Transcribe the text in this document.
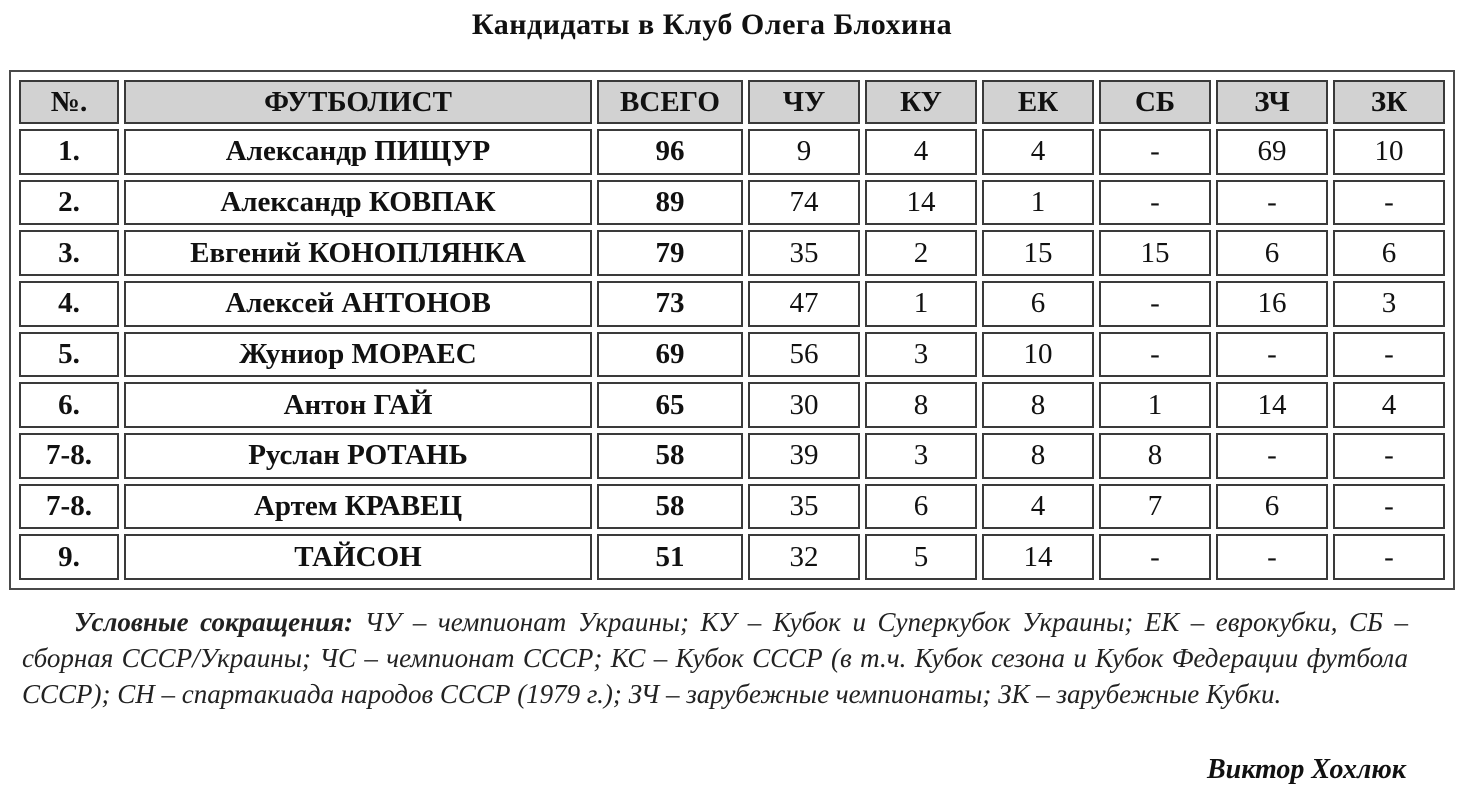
Кандидаты в Клуб Олега Блохина
№.	ФУТБОЛИСТ	ВСЕГО	ЧУ	КУ	ЕК	СБ	ЗЧ	ЗК
1.	Александр ПИЩУР	96	9	4	4	-	69	10
2.	Александр КОВПАК	89	74	14	1	-	-	-
3.	Евгений КОНОПЛЯНКА	79	35	2	15	15	6	6
4.	Алексей АНТОНОВ	73	47	1	6	-	16	3
5.	Жуниор МОРАЕС	69	56	3	10	-	-	-
6.	Антон ГАЙ	65	30	8	8	1	14	4
7-8.	Руслан РОТАНЬ	58	39	3	8	8	-	-
7-8.	Артем КРАВЕЦ	58	35	6	4	7	6	-
9.	ТАЙСОН	51	32	5	14	-	-	-
Условные сокращения: ЧУ – чемпионат Украины; КУ – Кубок и Суперкубок Украины; ЕК – еврокубки, СБ – сборная СССР/Украины; ЧС – чемпионат СССР; КС – Кубок СССР (в т.ч. Кубок сезона и Кубок Федерации футбола СССР); СН – спартакиада народов СССР (1979 г.); ЗЧ – зарубежные чемпионаты; ЗК – зарубежные Кубки.
Виктор Хохлюк
